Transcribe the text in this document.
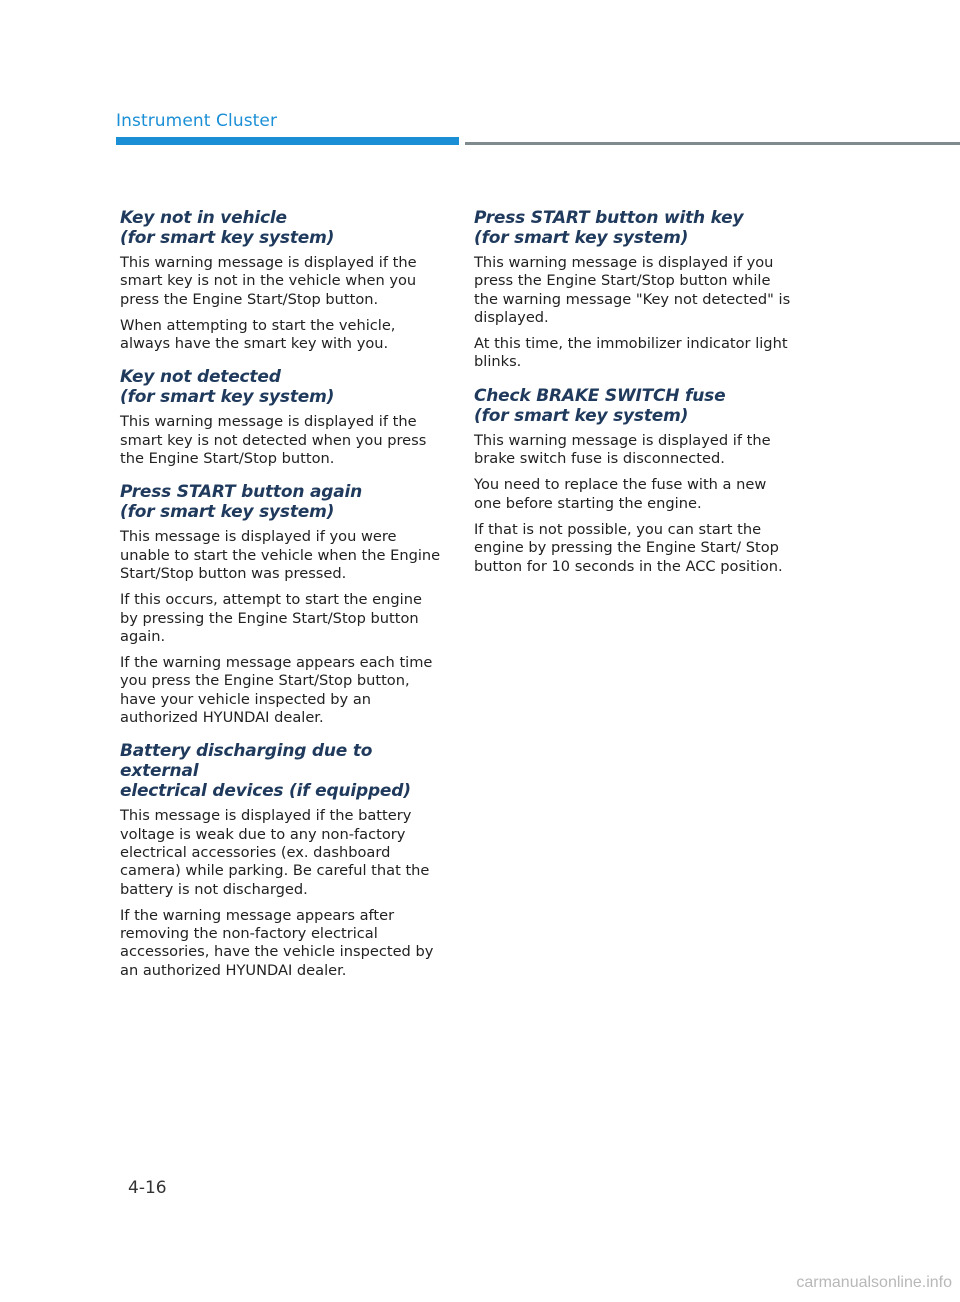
Instrument Cluster
Key not in vehicle
(for smart key system)

This warning message is displayed if the smart key is not in the vehicle when you press the Engine Start/Stop button.

When attempting to start the vehicle, always have the smart key with you.

Key not detected
(for smart key system)

This warning message is displayed if the smart key is not detected when you press the Engine Start/Stop button.

Press START button again
(for smart key system)

This message is displayed if you were unable to start the vehicle when the Engine Start/Stop button was pressed.

If this occurs, attempt to start the engine by pressing the Engine Start/Stop button again.

If the warning message appears each time you press the Engine Start/Stop button, have your vehicle inspected by an authorized HYUNDAI dealer.

Battery discharging due to external
electrical devices (if equipped)

This message is displayed if the battery voltage is weak due to any non-factory electrical accessories (ex. dashboard camera) while parking. Be careful that the battery is not discharged.

If the warning message appears after removing the non-factory electrical accessories, have the vehicle inspected by an authorized HYUNDAI dealer.

Press START button with key
(for smart key system)

This warning message is displayed if you press the Engine Start/Stop button while the warning message "Key not detected" is displayed.

At this time, the immobilizer indicator light blinks.

Check BRAKE SWITCH fuse
(for smart key system)

This warning message is displayed if the brake switch fuse is disconnected.

You need to replace the fuse with a new one before starting the engine.

If that is not possible, you can start the engine by pressing the Engine Start/ Stop button for 10 seconds in the ACC position.

4-16
carmanualsonline.info
